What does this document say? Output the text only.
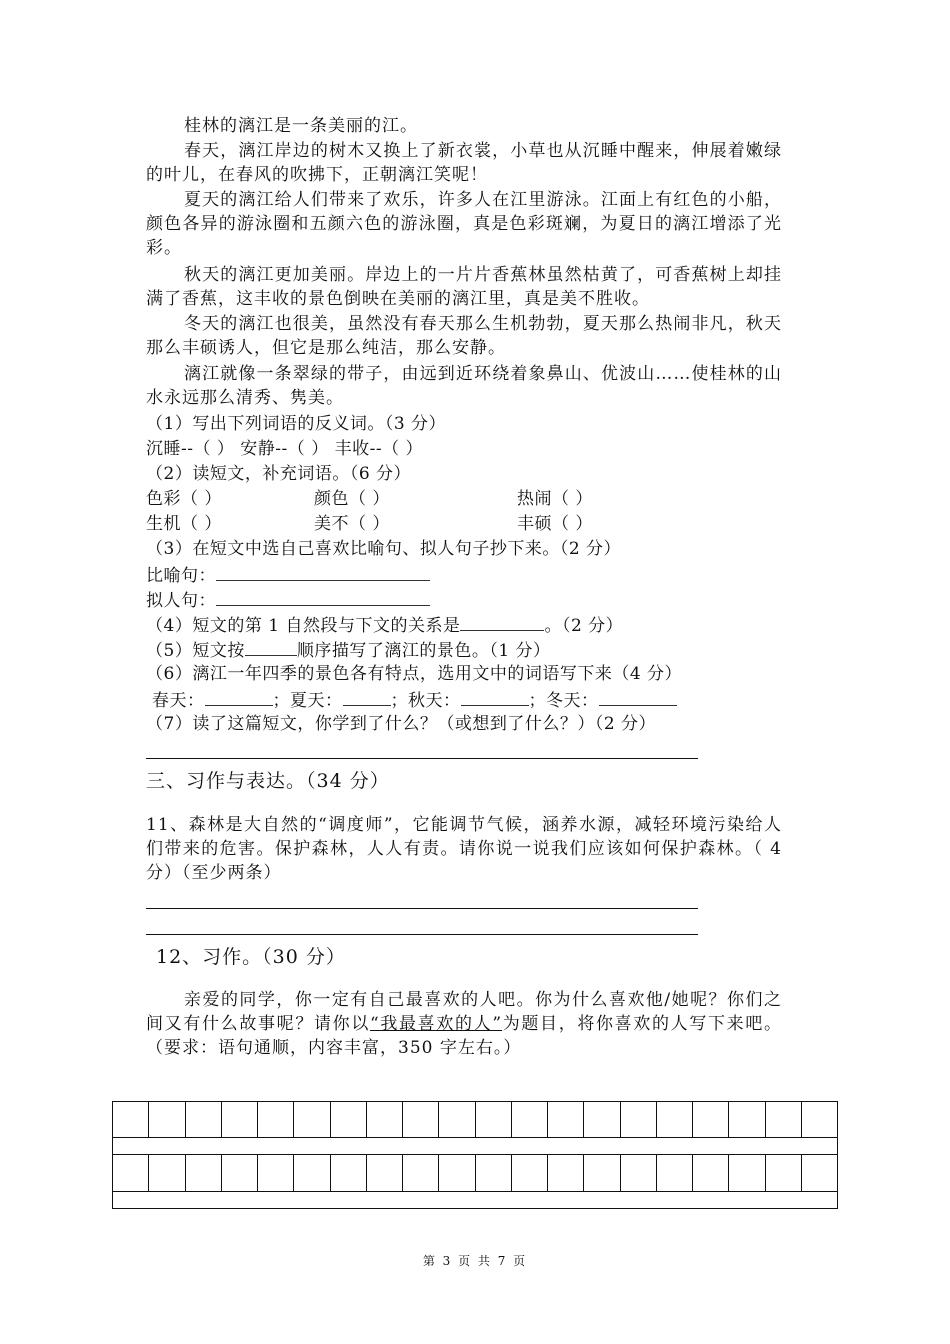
桂林的漓江是一条美丽的江。
春天，漓江岸边的树木又换上了新衣裳，小草也从沉睡中醒来，伸展着嫩绿的叶儿，在春风的吹拂下，正朝漓江笑呢！
夏天的漓江给人们带来了欢乐，许多人在江里游泳。江面上有红色的小船，颜色各异的游泳圈和五颜六色的游泳圈，真是色彩斑斓，为夏日的漓江增添了光彩。
秋天的漓江更加美丽。岸边上的一片片香蕉林虽然枯黄了，可香蕉树上却挂满了香蕉，这丰收的景色倒映在美丽的漓江里，真是美不胜收。
冬天的漓江也很美，虽然没有春天那么生机勃勃，夏天那么热闹非凡，秋天那么丰硕诱人，但它是那么纯洁，那么安静。
漓江就像一条翠绿的带子，由远到近环绕着象鼻山、优波山……使桂林的山水永远那么清秀、隽美。
（1）写出下列词语的反义词。（3 分）
沉睡--（ ） 安静--（ ） 丰收--（ ）
（2）读短文，补充词语。（6 分）
色彩（ ）	颜色（ ）	热闹（ ）
生机（ ）	美不（ ）	丰硕（ ）
（3）在短文中选自己喜欢比喻句、拟人句子抄下来。（2 分）
比喻句：
拟人句：
（4）短文的第 1 自然段与下文的关系是	。（2 分）
（5）短文按	顺序描写了漓江的景色。（1 分）
（6）漓江一年四季的景色各有特点，选用文中的词语写下来（4 分）
春天：	；夏天：	；秋天：	；冬天：
（7）读了这篇短文，你学到了什么？（或想到了什么？）（2 分）
三、习作与表达。（34 分）
11、森林是大自然的“调度师”，它能调节气候，涵养水源，减轻环境污染给人们带来的危害。保护森林，人人有责。请你说一说我们应该如何保护森林。（ 4 分）（至少两条）
12、习作。（30 分）
亲爱的同学，你一定有自己最喜欢的人吧。你为什么喜欢他/她呢？你们之间又有什么故事呢？请你以“我最喜欢的人”为题目，将你喜欢的人写下来吧。（要求：语句通顺，内容丰富，350 字左右。）
第 3 页 共 7 页
